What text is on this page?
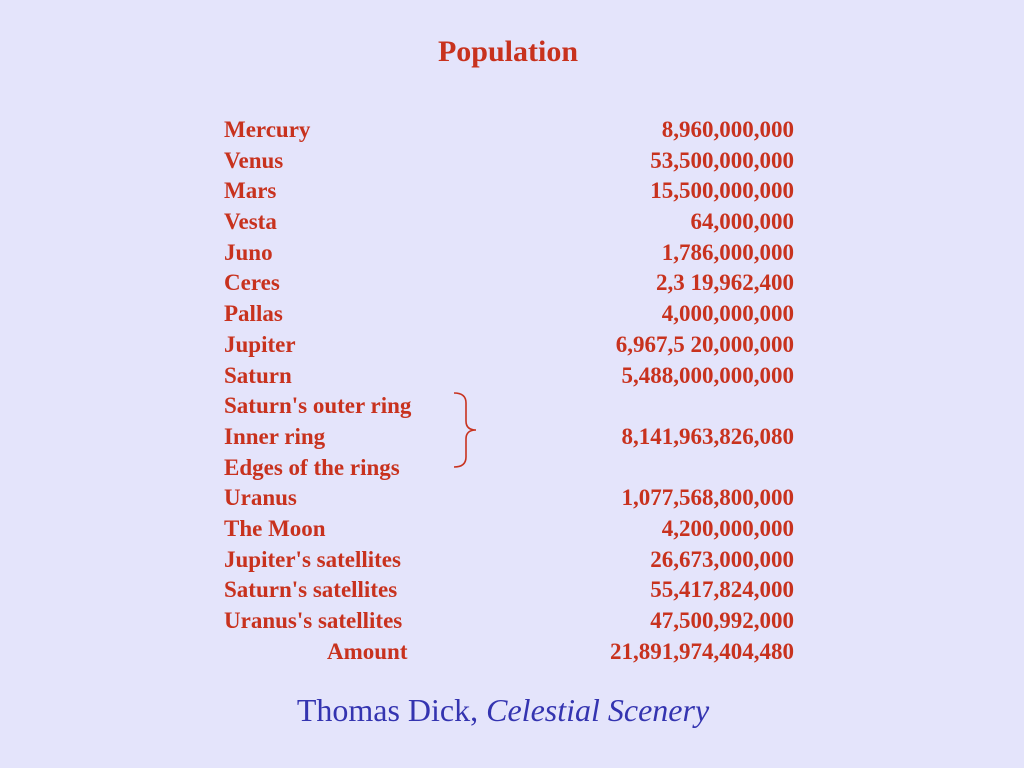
Population
Mercury	8,960,000,000
Venus	53,500,000,000
Mars	15,500,000,000
Vesta	64,000,000
Juno	1,786,000,000
Ceres	2,3 19,962,400
Pallas	4,000,000,000
Jupiter	6,967,5 20,000,000
Saturn	5,488,000,000,000
Saturn's outer ring
Inner ring	8,141,963,826,080
Edges of the rings
Uranus	1,077,568,800,000
The Moon	4,200,000,000
Jupiter's satellites	26,673,000,000
Saturn's satellites	55,417,824,000
Uranus's satellites	47,500,992,000
Amount	21,891,974,404,480
Thomas Dick, Celestial Scenery
